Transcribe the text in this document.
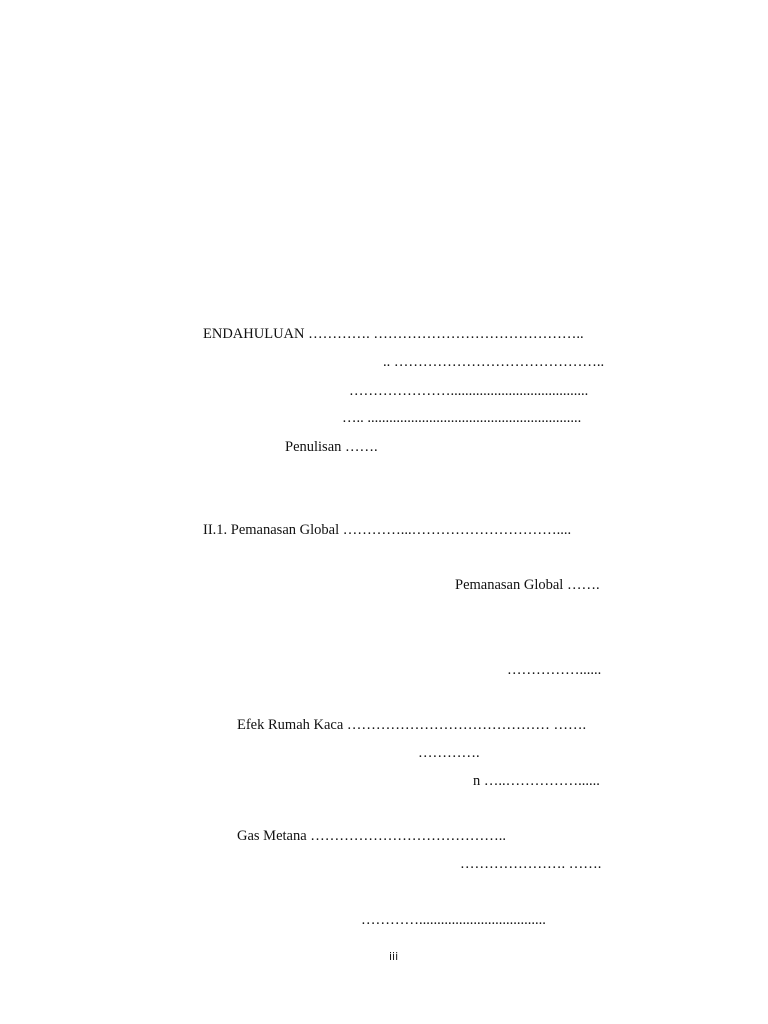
ENDAHULUAN …………. ……………………………………..
.. ……………………………………..
…………………......................................
….. ...........................................................
Penulisan …….
II.1. Pemanasan Global …………...…………………………....
Pemanasan Global …….
……………......
Efek Rumah Kaca …………………………………… …….
………….
n …..……………......
Gas Metana …………………………………..
…………………. …….
…………...................................
iii
